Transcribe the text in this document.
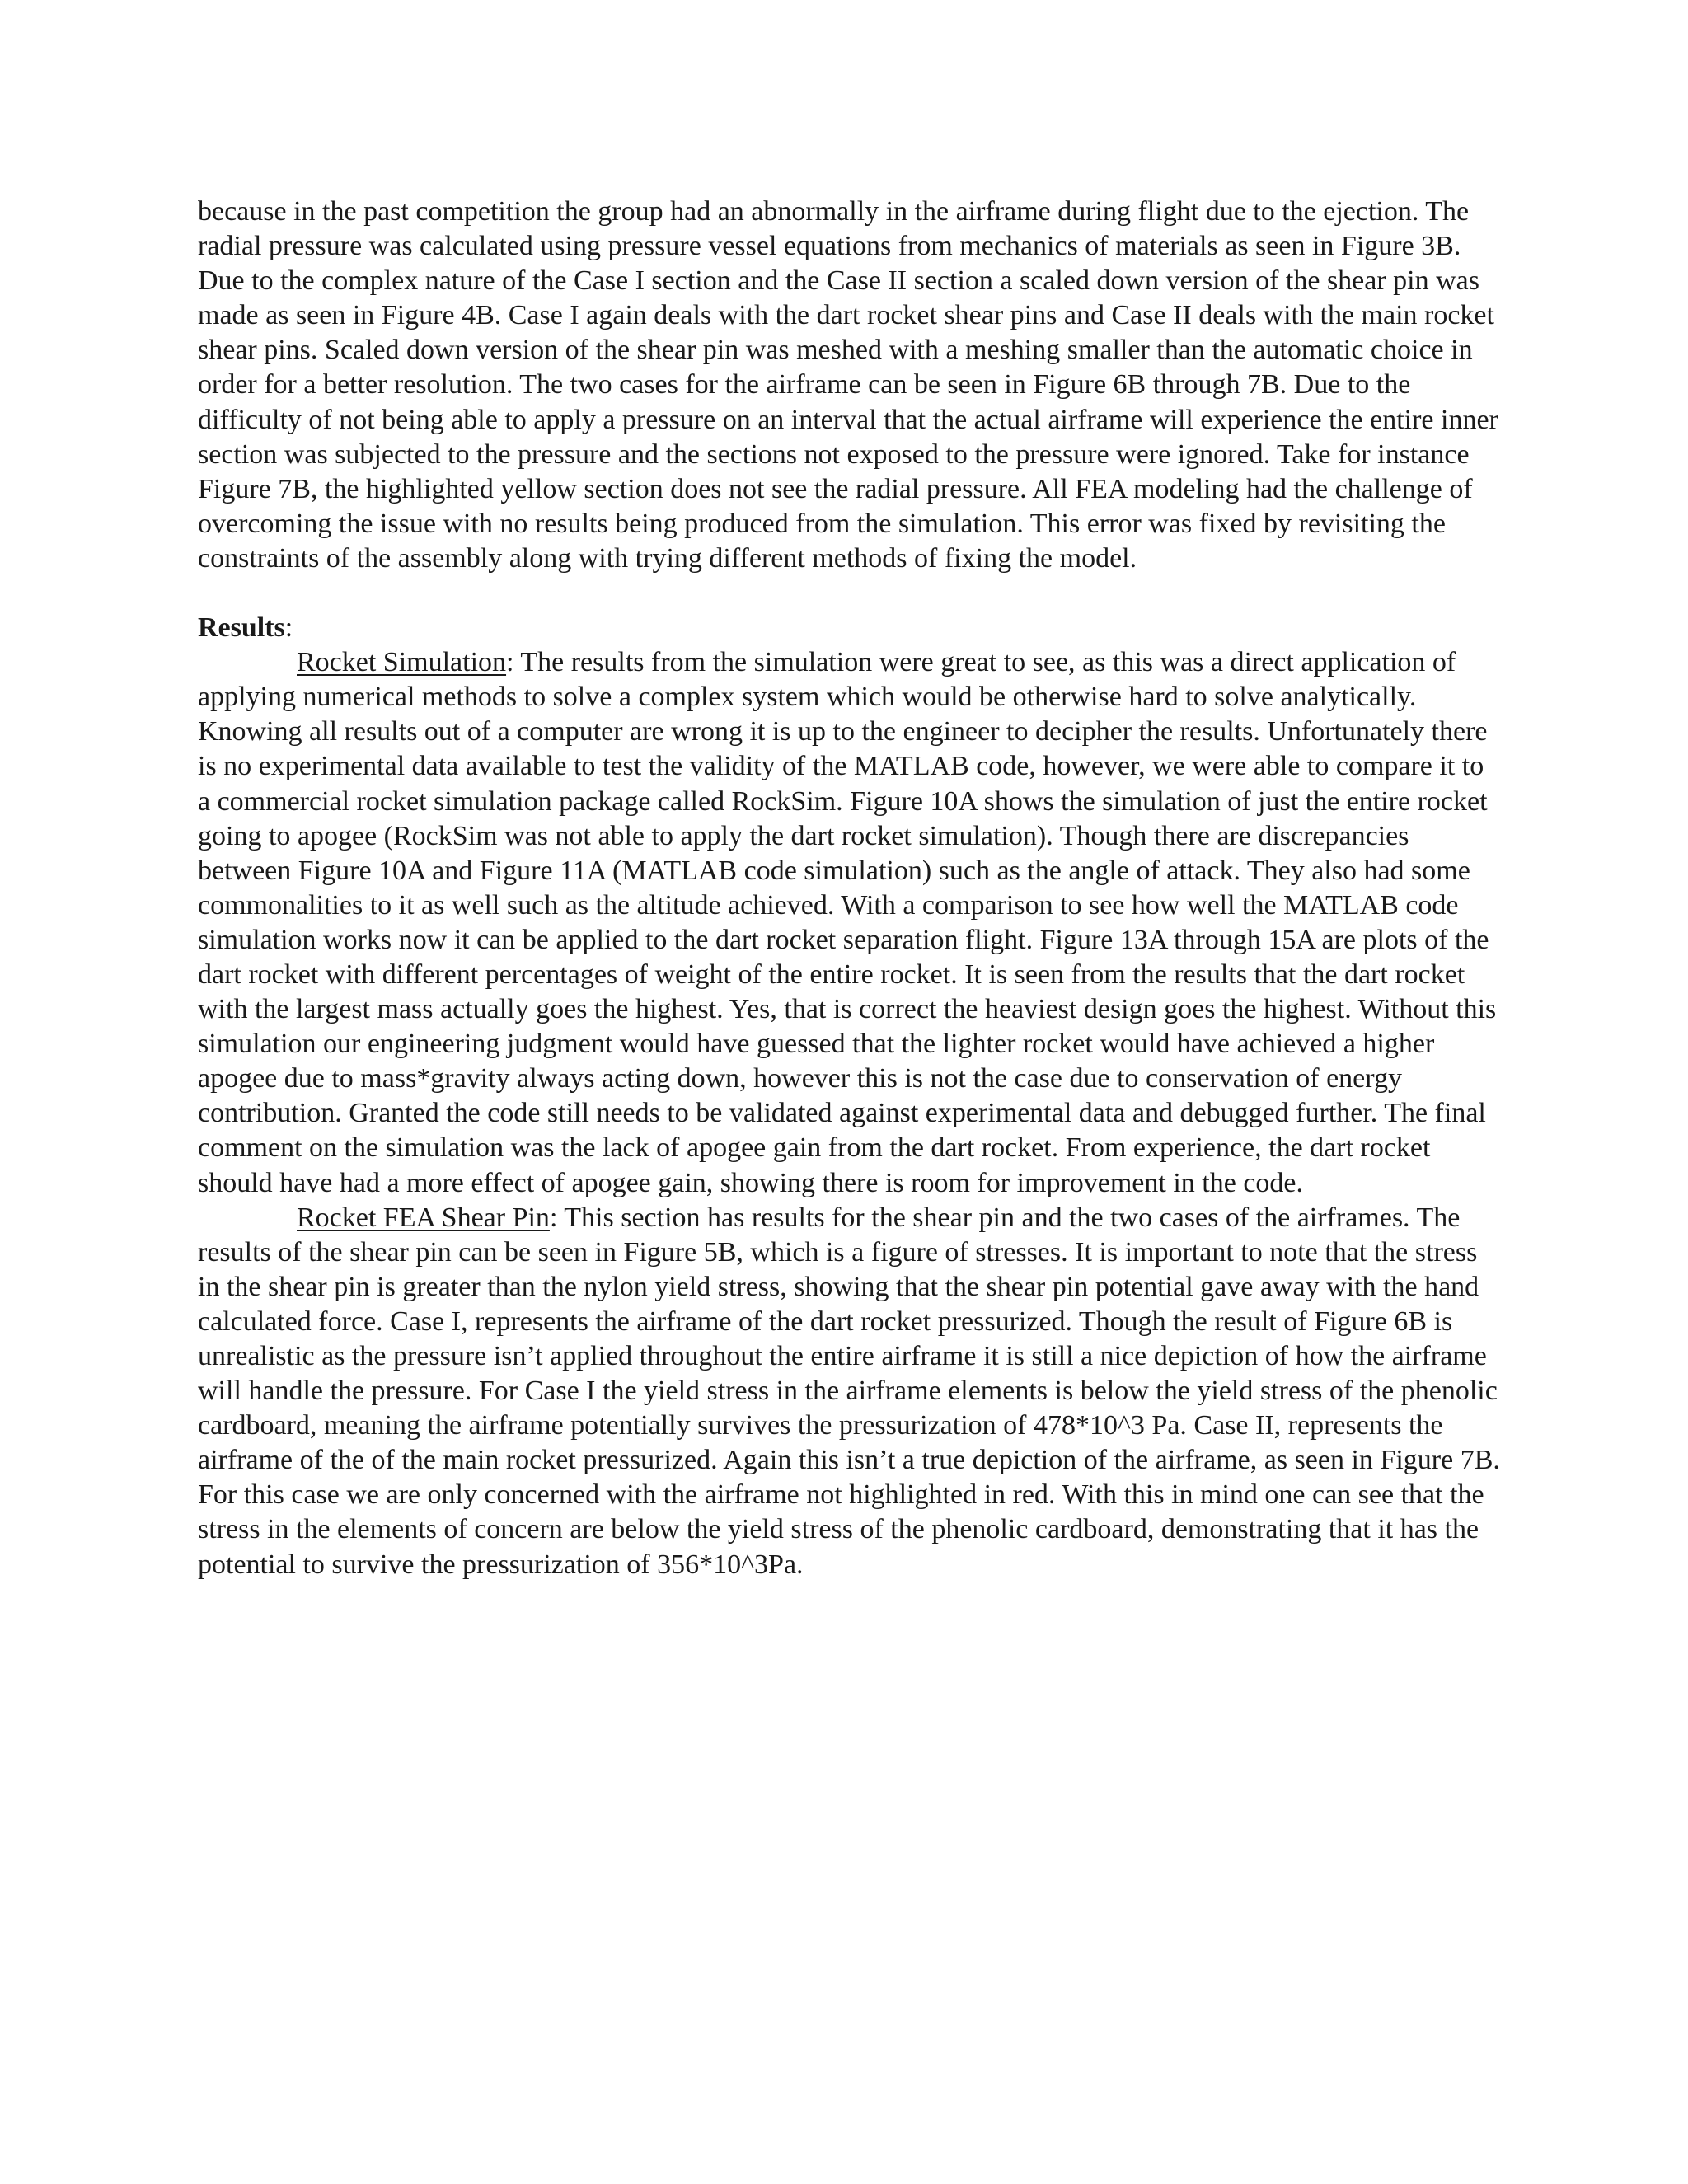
because in the past competition the group had an abnormally in the airframe during flight due to the ejection. The radial pressure was calculated using pressure vessel equations from mechanics of materials as seen in Figure 3B. Due to the complex nature of the Case I section and the Case II section a scaled down version of the shear pin was made as seen in Figure 4B. Case I again deals with the dart rocket shear pins and Case II deals with the main rocket shear pins. Scaled down version of the shear pin was meshed with a meshing smaller than the automatic choice in order for a better resolution. The two cases for the airframe can be seen in Figure 6B through 7B. Due to the difficulty of not being able to apply a pressure on an interval that the actual airframe will experience the entire inner section was subjected to the pressure and the sections not exposed to the pressure were ignored. Take for instance Figure 7B, the highlighted yellow section does not see the radial pressure. All FEA modeling had the challenge of overcoming the issue with no results being produced from the simulation. This error was fixed by revisiting the constraints of the assembly along with trying different methods of fixing the model.

Results:

Rocket Simulation: The results from the simulation were great to see, as this was a direct application of applying numerical methods to solve a complex system which would be otherwise hard to solve analytically. Knowing all results out of a computer are wrong it is up to the engineer to decipher the results. Unfortunately there is no experimental data available to test the validity of the MATLAB code, however, we were able to compare it to a commercial rocket simulation package called RockSim. Figure 10A shows the simulation of just the entire rocket going to apogee (RockSim was not able to apply the dart rocket simulation). Though there are discrepancies between Figure 10A and Figure 11A (MATLAB code simulation) such as the angle of attack. They also had some commonalities to it as well such as the altitude achieved. With a comparison to see how well the MATLAB code simulation works now it can be applied to the dart rocket separation flight. Figure 13A through 15A are plots of the dart rocket with different percentages of weight of the entire rocket. It is seen from the results that the dart rocket with the largest mass actually goes the highest. Yes, that is correct the heaviest design goes the highest. Without this simulation our engineering judgment would have guessed that the lighter rocket would have achieved a higher apogee due to mass*gravity always acting down, however this is not the case due to conservation of energy contribution. Granted the code still needs to be validated against experimental data and debugged further. The final comment on the simulation was the lack of apogee gain from the dart rocket. From experience, the dart rocket should have had a more effect of apogee gain, showing there is room for improvement in the code.

Rocket FEA Shear Pin: This section has results for the shear pin and the two cases of the airframes. The results of the shear pin can be seen in Figure 5B, which is a figure of stresses. It is important to note that the stress in the shear pin is greater than the nylon yield stress, showing that the shear pin potential gave away with the hand calculated force. Case I, represents the airframe of the dart rocket pressurized. Though the result of Figure 6B is unrealistic as the pressure isn’t applied throughout the entire airframe it is still a nice depiction of how the airframe will handle the pressure. For Case I the yield stress in the airframe elements is below the yield stress of the phenolic cardboard, meaning the airframe potentially survives the pressurization of 478*10^3 Pa. Case II, represents the airframe of the of the main rocket pressurized. Again this isn’t a true depiction of the airframe, as seen in Figure 7B. For this case we are only concerned with the airframe not highlighted in red. With this in mind one can see that the stress in the elements of concern are below the yield stress of the phenolic cardboard, demonstrating that it has the potential to survive the pressurization of 356*10^3Pa.
